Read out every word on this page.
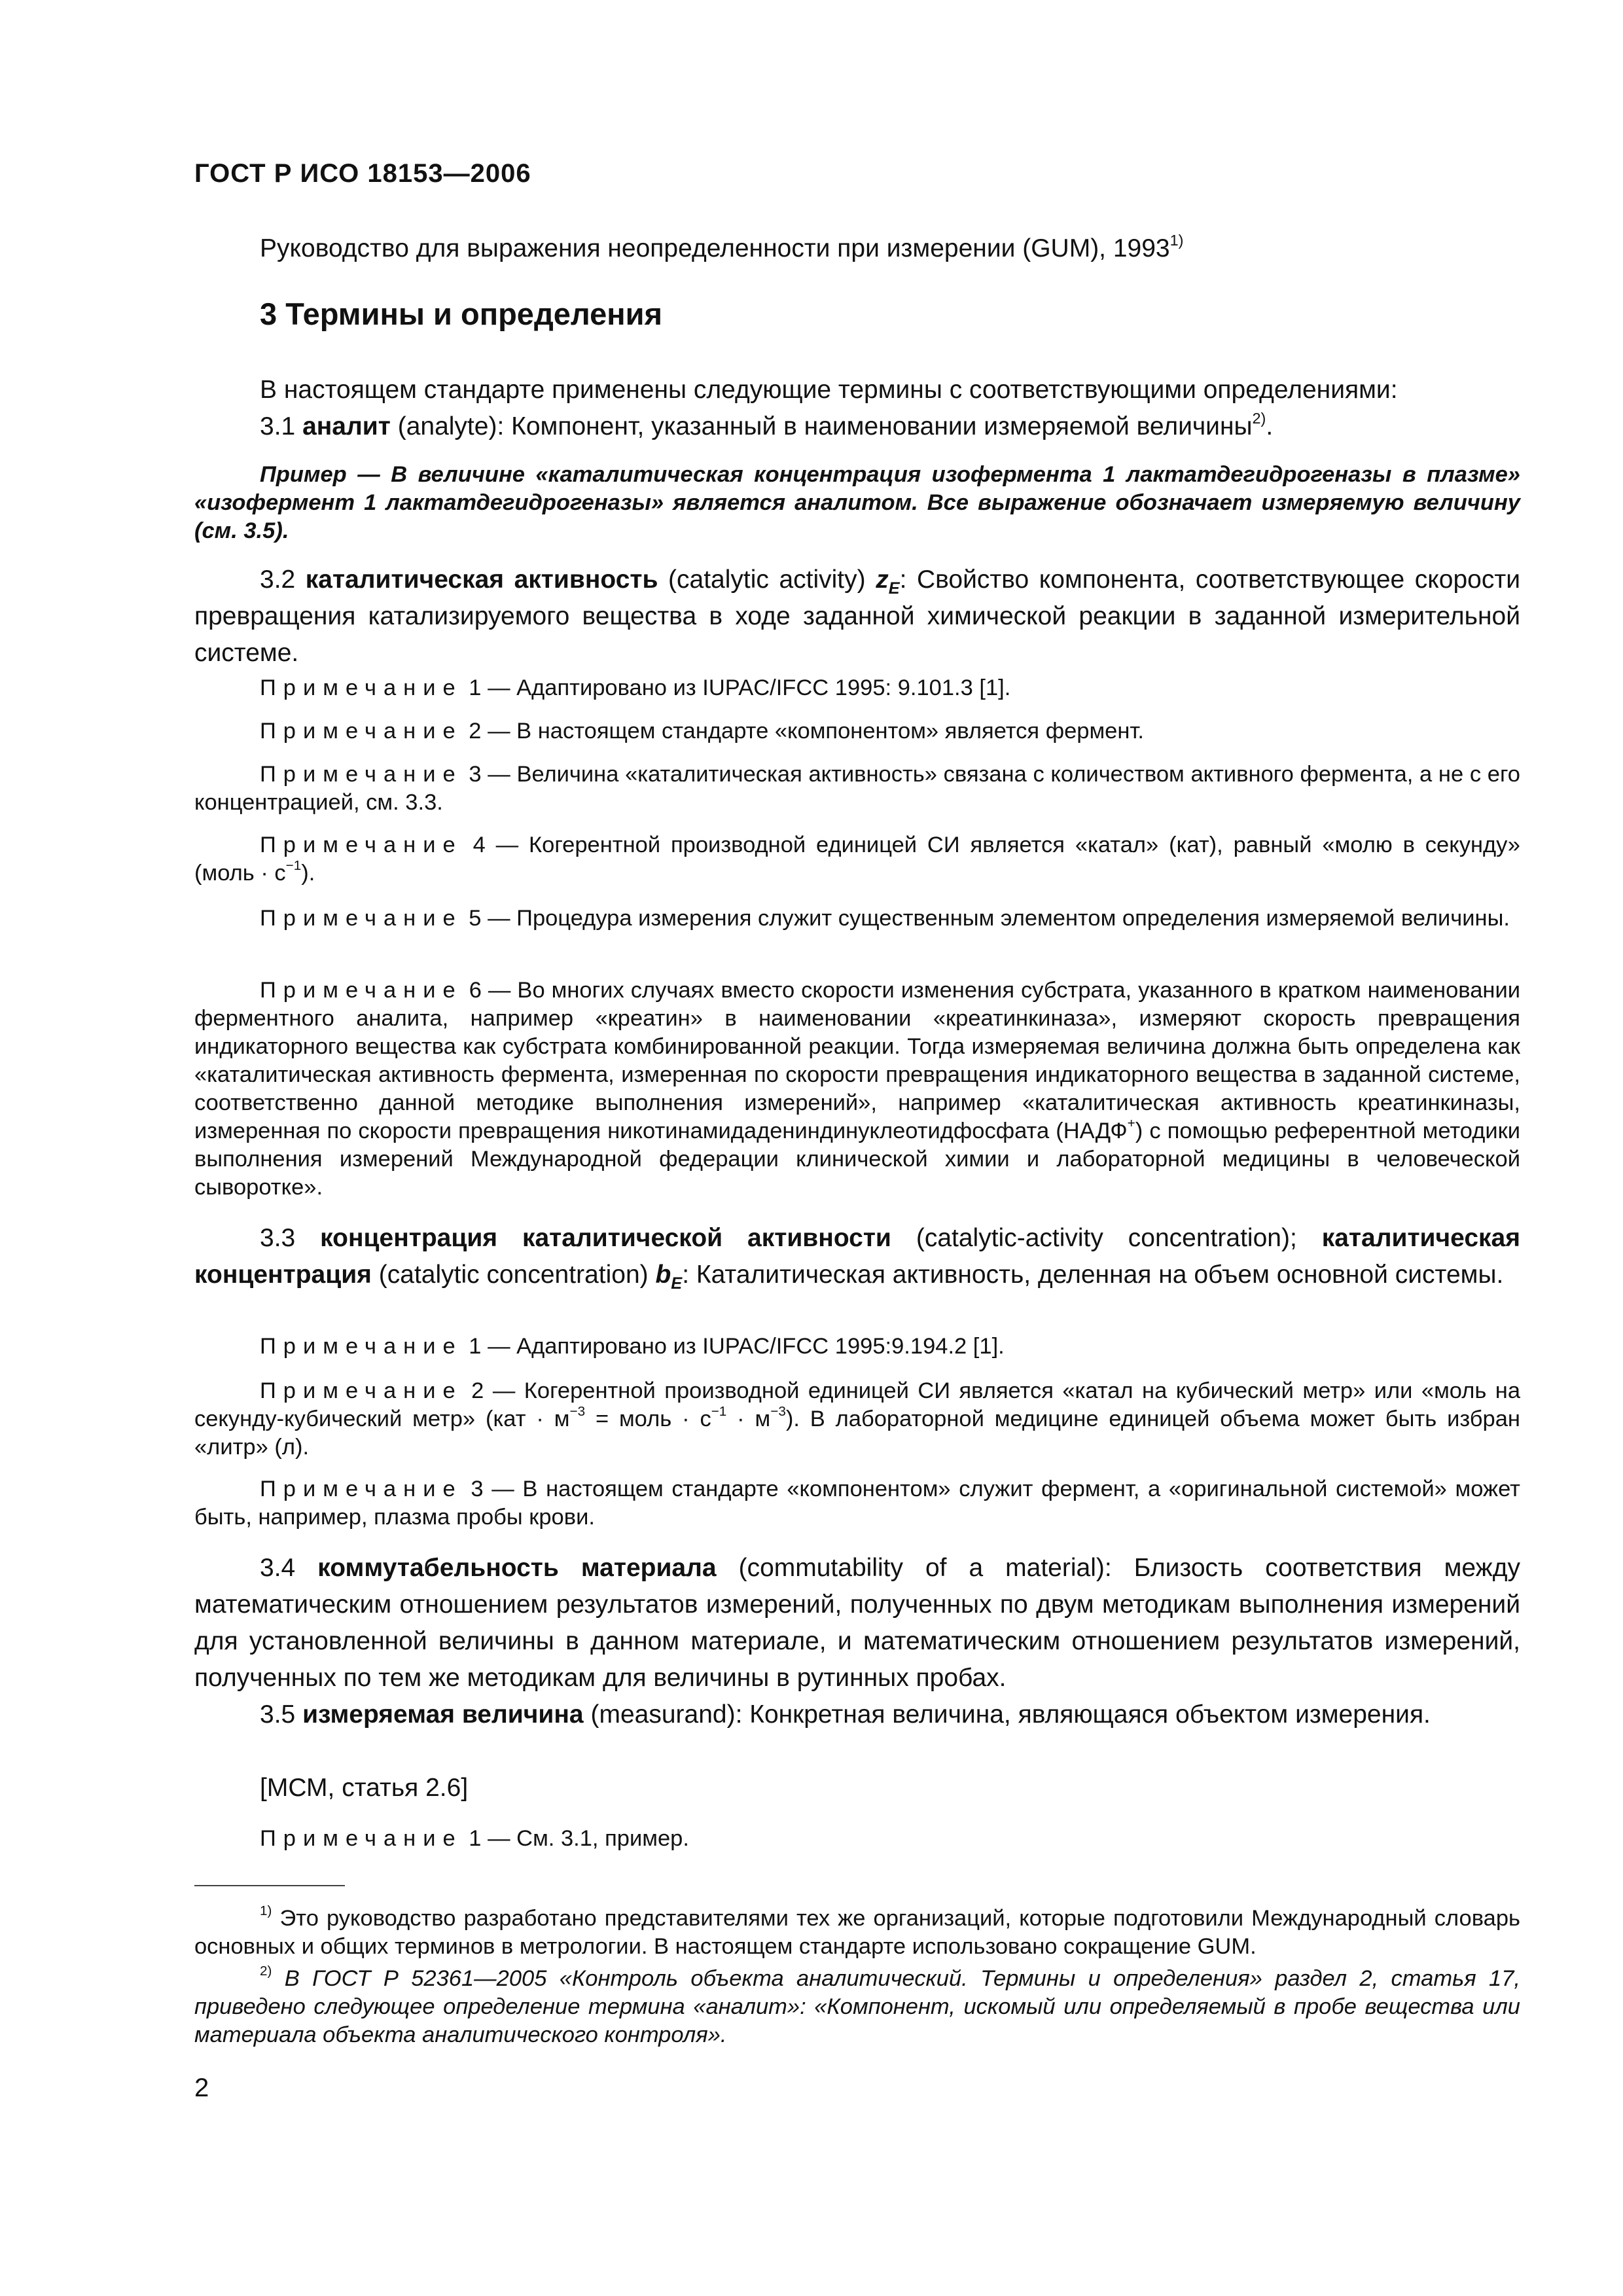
ГОСТ Р ИСО 18153—2006

Руководство для выражения неопределенности при измерении (GUM), 1993$^{1)}$

3 Термины и определения

В настоящем стандарте применены следующие термины с соответствующими определениями:

3.1 аналит (analyte): Компонент, указанный в наименовании измеряемой величины$^{2)}$.

Пример — В величине «каталитическая концентрация изофермента 1 лактатдегидрогеназы в плазме» «изофермент 1 лактатдегидрогеназы» является аналитом. Все выражение обозначает измеряемую величину (см. 3.5).

3.2 каталитическая активность (catalytic activity) $z_E$: Свойство компонента, соответствующее скорости превращения катализируемого вещества в ходе заданной химической реакции в заданной измерительной системе.

Примечание 1 — Адаптировано из IUPAC/IFCC 1995: 9.101.3 [1].

Примечание 2 — В настоящем стандарте «компонентом» является фермент.

Примечание 3 — Величина «каталитическая активность» связана с количеством активного фермента, а не с его концентрацией, см. 3.3.

Примечание 4 — Когерентной производной единицей СИ является «катал» (кат), равный «молю в секунду» (моль · $с^{-1}$).

Примечание 5 — Процедура измерения служит существенным элементом определения измеряемой величины.

Примечание 6 — Во многих случаях вместо скорости изменения субстрата, указанного в кратком наименовании ферментного аналита, например «креатин» в наименовании «креатинкиназа», измеряют скорость превращения индикаторного вещества как субстрата комбинированной реакции. Тогда измеряемая величина должна быть определена как «каталитическая активность фермента, измеренная по скорости превращения индикаторного вещества в заданной системе, соответственно данной методике выполнения измерений», например «каталитическая активность креатинкиназы, измеренная по скорости превращения никотинамидадениндинуклеотидфосфата (НАДФ+) с помощью референтной методики выполнения измерений Международной федерации клинической химии и лабораторной медицины в человеческой сыворотке».

3.3 концентрация каталитической активности (catalytic-activity concentration); каталитическая концентрация (catalytic concentration) $b_E$: Каталитическая активность, деленная на объем основной системы.

Примечание 1 — Адаптировано из IUPAC/IFCC 1995:9.194.2 [1].

Примечание 2 — Когерентной производной единицей СИ является «катал на кубический метр» или «моль на секунду-кубический метр» ($кат \cdot м^{-3}$ = моль · $с^{-1} \cdot м^{-3}$). В лабораторной медицине единицей объема может быть избран «литр» (л).

Примечание 3 — В настоящем стандарте «компонентом» служит фермент, а «оригинальной системой» может быть, например, плазма пробы крови.

3.4 коммутабельность материала (commutability of a material): Близость соответствия между математическим отношением результатов измерений, полученных по двум методикам выполнения измерений для установленной величины в данном материале, и математическим отношением результатов измерений, полученных по тем же методикам для величины в рутинных пробах.

3.5 измеряемая величина (measurand): Конкретная величина, являющаяся объектом измерения.

[МСМ, статья 2.6]

Примечание 1 — См. 3.1, пример.

$^{1)}$ Это руководство разработано представителями тех же организаций, которые подготовили Международный словарь основных и общих терминов в метрологии. В настоящем стандарте использовано сокращение GUM.

$^{2)}$ В ГОСТ Р 52361—2005 «Контроль объекта аналитический. Термины и определения» раздел 2, статья 17, приведено следующее определение термина «аналит»: «Компонент, искомый или определяемый в пробе вещества или материала объекта аналитического контроля».

2
